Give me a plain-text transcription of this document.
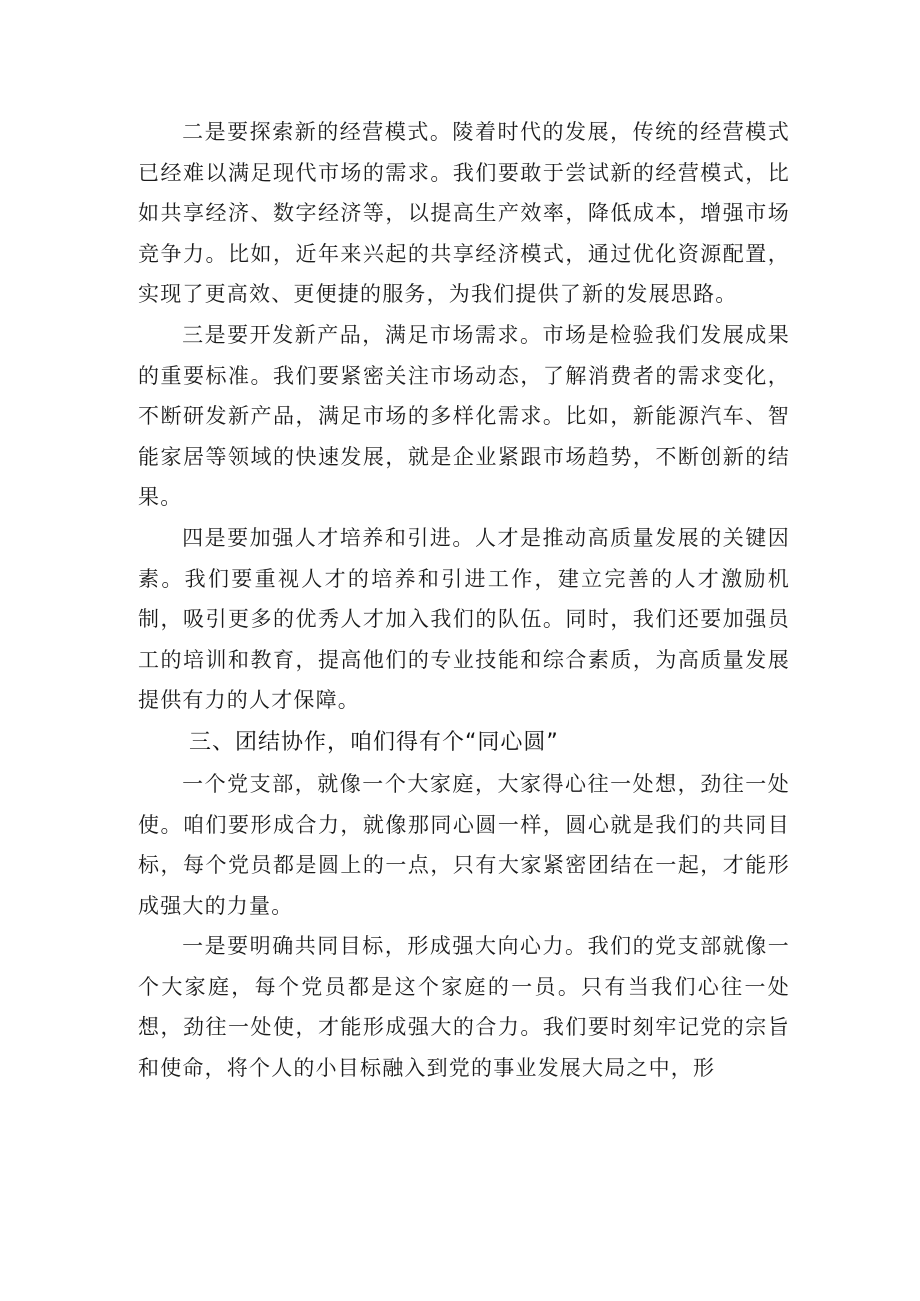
二是要探索新的经营模式。陵着时代的发展，传统的经营模式已经难以满足现代市场的需求。我们要敢于尝试新的经营模式，比如共享经济、数字经济等，以提高生产效率，降低成本，增强市场竞争力。比如，近年来兴起的共享经济模式，通过优化资源配置，实现了更高效、更便捷的服务，为我们提供了新的发展思路。

三是要开发新产品，满足市场需求。市场是检验我们发展成果的重要标准。我们要紧密关注市场动态，了解消费者的需求变化，不断研发新产品，满足市场的多样化需求。比如，新能源汽车、智能家居等领域的快速发展，就是企业紧跟市场趋势，不断创新的结果。

四是要加强人才培养和引进。人才是推动高质量发展的关键因素。我们要重视人才的培养和引进工作，建立完善的人才激励机制，吸引更多的优秀人才加入我们的队伍。同时，我们还要加强员工的培训和教育，提高他们的专业技能和综合素质，为高质量发展提供有力的人才保障。

三、团结协作，咱们得有个“同心圆”

一个党支部，就像一个大家庭，大家得心往一处想，劲往一处使。咱们要形成合力，就像那同心圆一样，圆心就是我们的共同目标，每个党员都是圆上的一点，只有大家紧密团结在一起，才能形成强大的力量。

一是要明确共同目标，形成强大向心力。我们的党支部就像一个大家庭，每个党员都是这个家庭的一员。只有当我们心往一处想，劲往一处使，才能形成强大的合力。我们要时刻牢记党的宗旨和使命，将个人的小目标融入到党的事业发展大局之中，形
